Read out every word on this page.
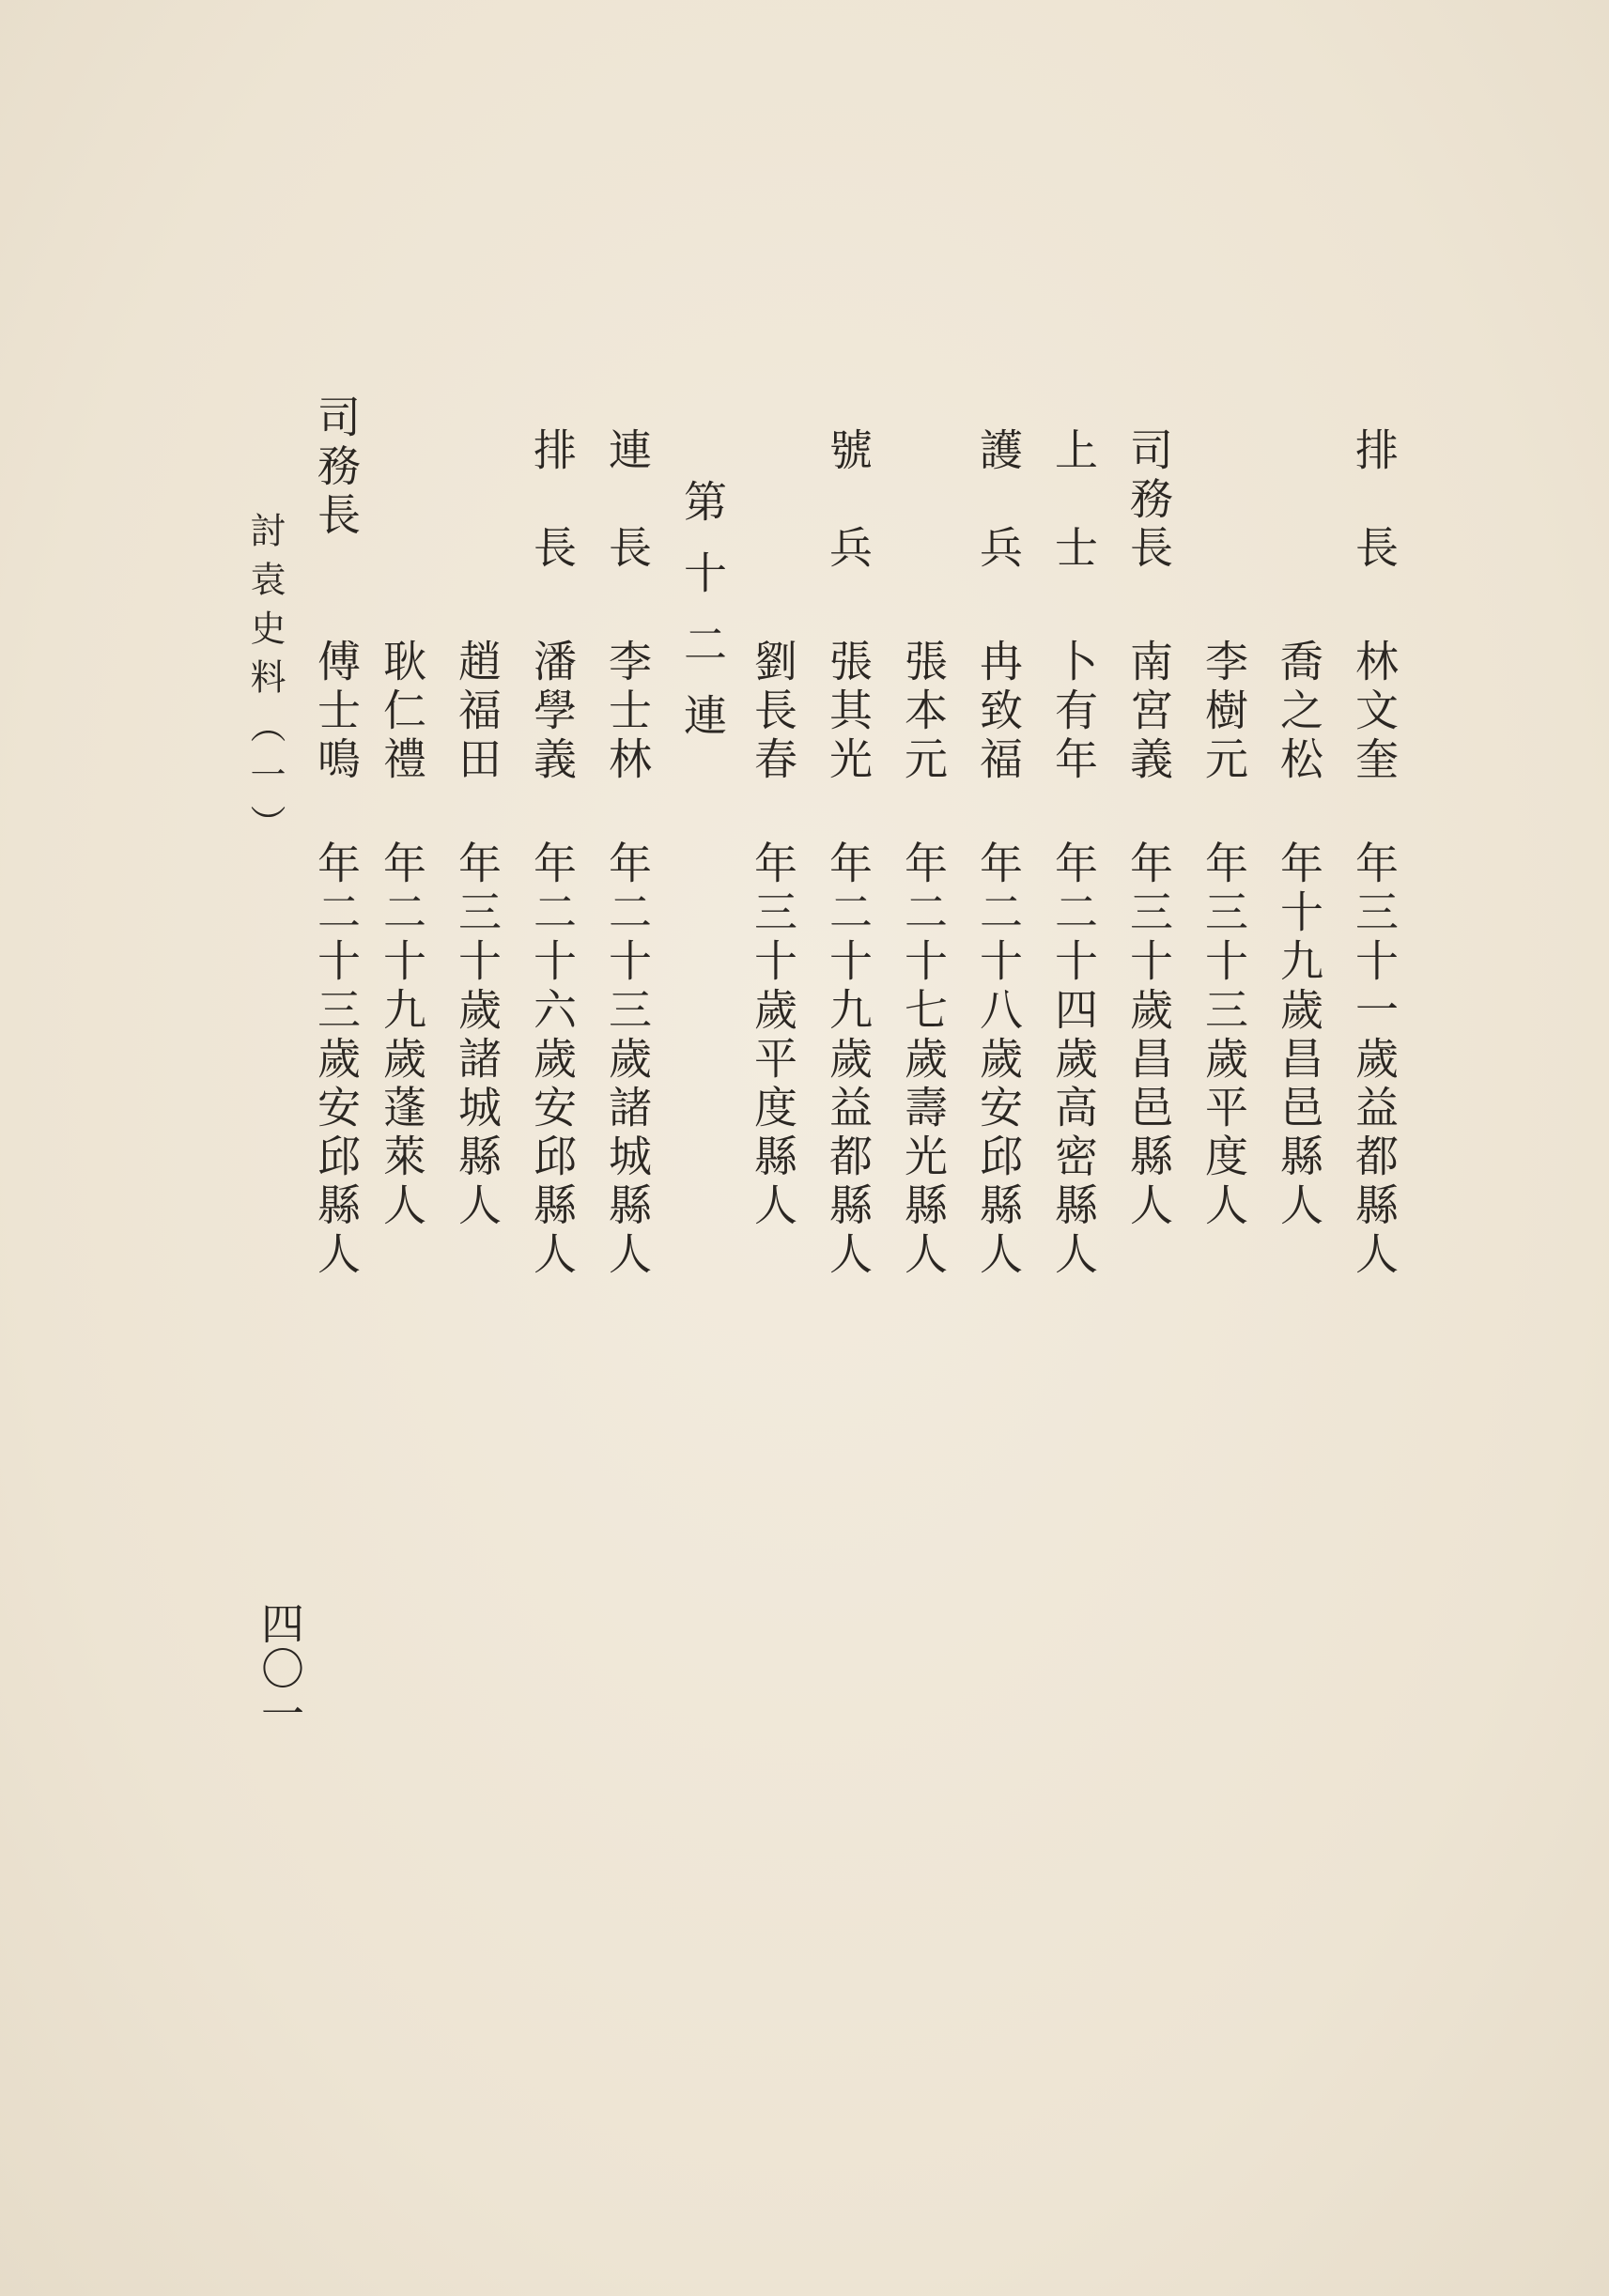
排　長
林文奎
年三十一歲益都縣人
喬之松
年十九歲昌邑縣人
李樹元
年三十三歲平度人
司務長
南宮義
年三十歲昌邑縣人
上　士
卜有年
年二十四歲高密縣人
護　兵
冉致福
年二十八歲安邱縣人
張本元
年二十七歲壽光縣人
號　兵
張其光
年二十九歲益都縣人
劉長春
年三十歲平度縣人
第十二連
連　長
李士林
年二十三歲諸城縣人
排　長
潘學義
年二十六歲安邱縣人
趙福田
年三十歲諸城縣人
耿仁禮
年二十九歲蓬萊人
司務長
傅士鳴
年二十三歲安邱縣人
討袁史料（一）
四〇一
